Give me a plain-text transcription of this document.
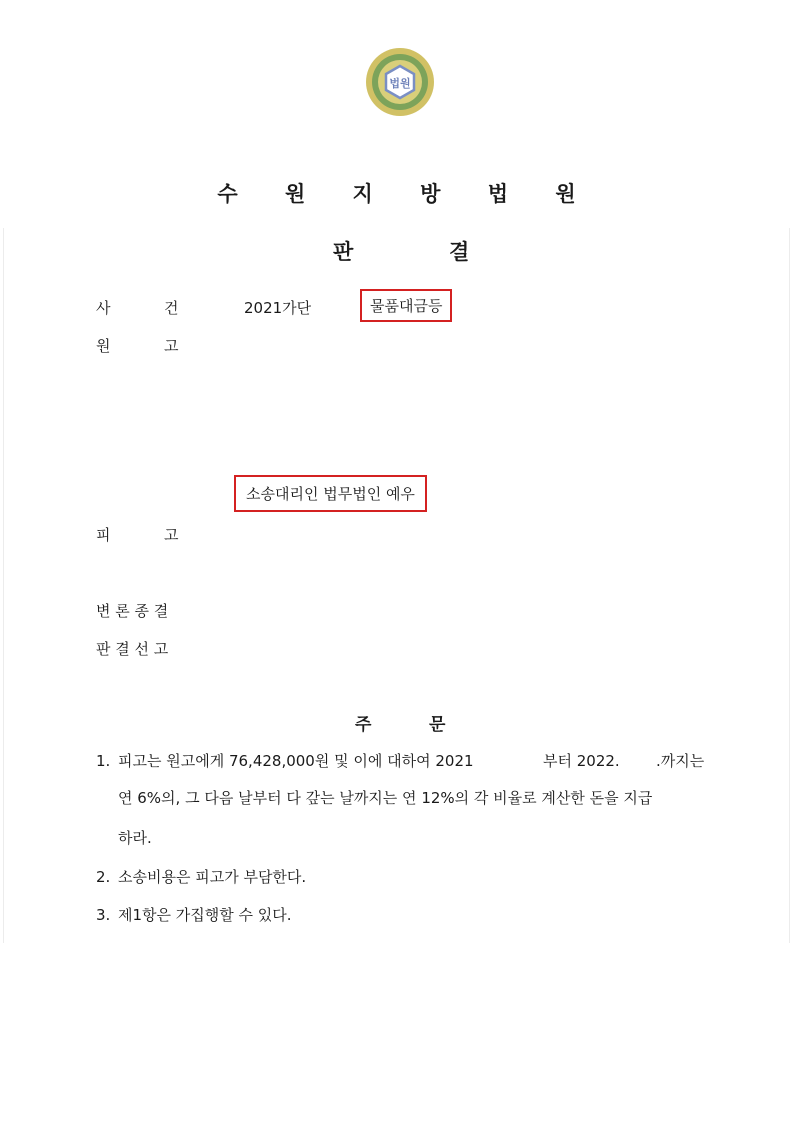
법원
수 원 지 방 법 원
판	결
사	건	2021가단	물품대금등
원	고
소송대리인 법무법인 예우
피	고
변 론 종 결
판 결 선 고
주	문
1. 피고는 원고에게 76,428,000원 및 이에 대하여 2021	부터 2022. .까지는
연 6%의, 그 다음 날부터 다 갚는 날까지는 연 12%의 각 비율로 계산한 돈을 지급
하라.
2. 소송비용은 피고가 부담한다.
3. 제1항은 가집행할 수 있다.
